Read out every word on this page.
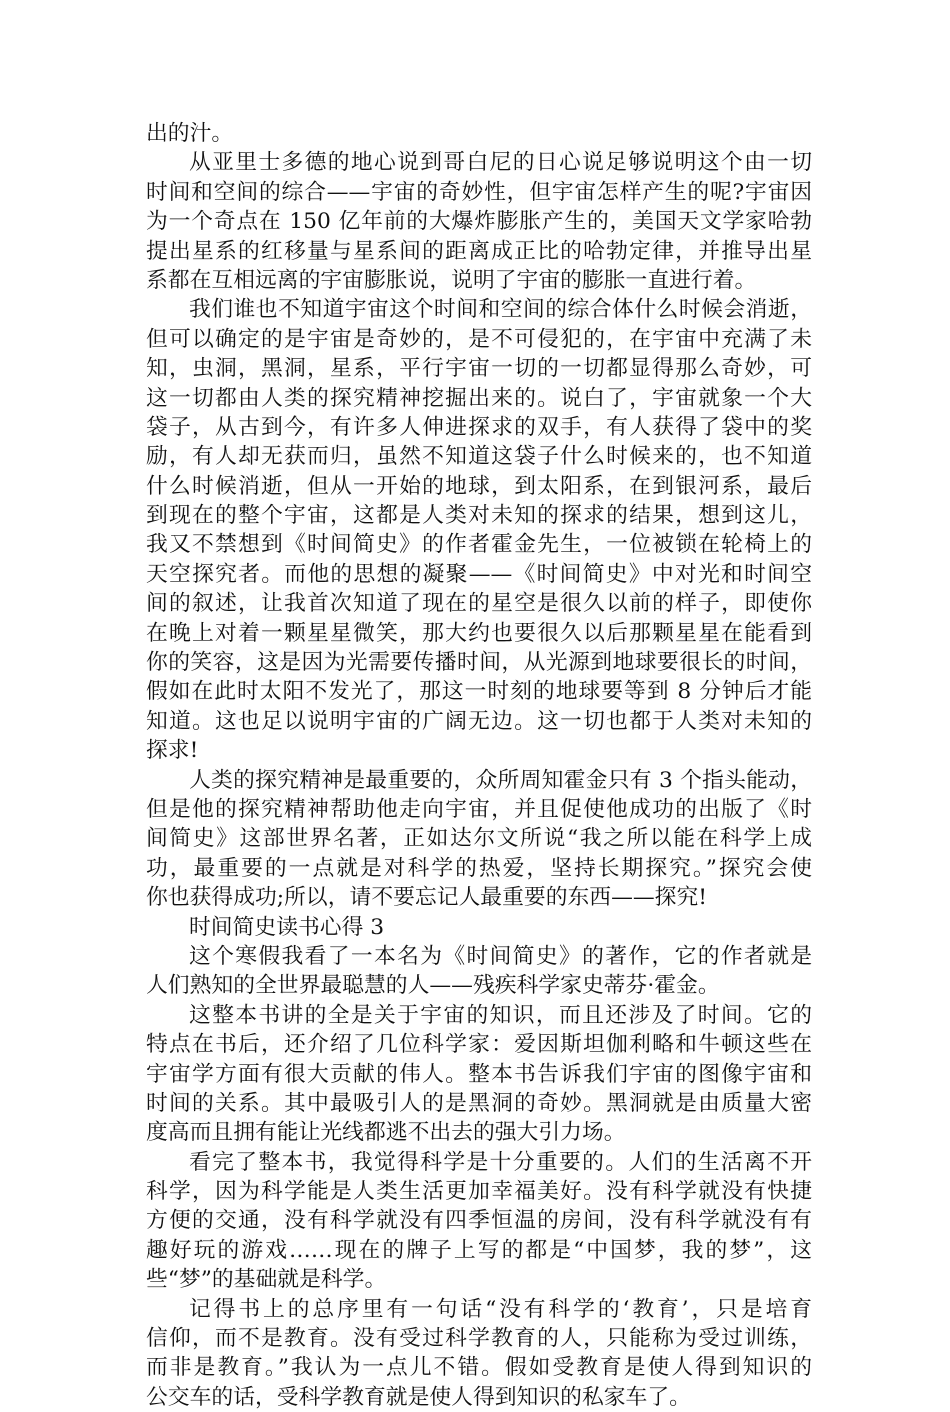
出的汁。
从亚里士多德的地心说到哥白尼的日心说足够说明这个由一切
时间和空间的综合——宇宙的奇妙性，但宇宙怎样产生的呢?宇宙因
为一个奇点在 150 亿年前的大爆炸膨胀产生的，美国天文学家哈勃
提出星系的红移量与星系间的距离成正比的哈勃定律，并推导出星
系都在互相远离的宇宙膨胀说，说明了宇宙的膨胀一直进行着。
我们谁也不知道宇宙这个时间和空间的综合体什么时候会消逝，
但可以确定的是宇宙是奇妙的，是不可侵犯的，在宇宙中充满了未
知，虫洞，黑洞，星系，平行宇宙一切的一切都显得那么奇妙，可
这一切都由人类的探究精神挖掘出来的。说白了，宇宙就象一个大
袋子，从古到今，有许多人伸进探求的双手，有人获得了袋中的奖
励，有人却无获而归，虽然不知道这袋子什么时候来的，也不知道
什么时候消逝，但从一开始的地球，到太阳系，在到银河系，最后
到现在的整个宇宙，这都是人类对未知的探求的结果，想到这儿，
我又不禁想到《时间简史》的作者霍金先生，一位被锁在轮椅上的
天空探究者。而他的思想的凝聚——《时间简史》中对光和时间空
间的叙述，让我首次知道了现在的星空是很久以前的样子，即使你
在晚上对着一颗星星微笑，那大约也要很久以后那颗星星在能看到
你的笑容，这是因为光需要传播时间，从光源到地球要很长的时间，
假如在此时太阳不发光了，那这一时刻的地球要等到 8 分钟后才能
知道。这也足以说明宇宙的广阔无边。这一切也都于人类对未知的
探求!
人类的探究精神是最重要的，众所周知霍金只有 3 个指头能动，
但是他的探究精神帮助他走向宇宙，并且促使他成功的出版了《时
间简史》这部世界名著，正如达尔文所说“我之所以能在科学上成
功，最重要的一点就是对科学的热爱，坚持长期探究。”探究会使
你也获得成功;所以，请不要忘记人最重要的东西——探究!
时间简史读书心得 3
这个寒假我看了一本名为《时间简史》的著作，它的作者就是
人们熟知的全世界最聪慧的人——残疾科学家史蒂芬·霍金。
这整本书讲的全是关于宇宙的知识，而且还涉及了时间。它的
特点在书后，还介绍了几位科学家：爱因斯坦伽利略和牛顿这些在
宇宙学方面有很大贡献的伟人。整本书告诉我们宇宙的图像宇宙和
时间的关系。其中最吸引人的是黑洞的奇妙。黑洞就是由质量大密
度高而且拥有能让光线都逃不出去的强大引力场。
看完了整本书，我觉得科学是十分重要的。人们的生活离不开
科学，因为科学能是人类生活更加幸福美好。没有科学就没有快捷
方便的交通，没有科学就没有四季恒温的房间，没有科学就没有有
趣好玩的游戏……现在的牌子上写的都是“中国梦，我的梦”，这
些“梦”的基础就是科学。
记得书上的总序里有一句话“没有科学的‘教育’，只是培育
信仰，而不是教育。没有受过科学教育的人，只能称为受过训练，
而非是教育。”我认为一点儿不错。假如受教育是使人得到知识的
公交车的话，受科学教育就是使人得到知识的私家车了。
